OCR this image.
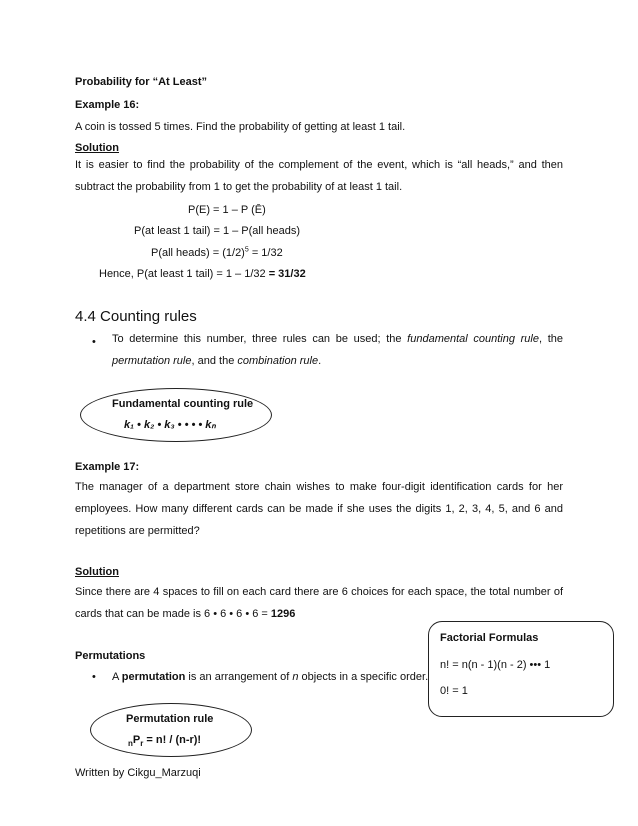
Probability for “At Least”
Example 16:
A coin is tossed 5 times. Find the probability of getting at least 1 tail.
Solution
It is easier to find the probability of the complement of the event, which is “all heads,” and then subtract the probability from 1 to get the probability of at least 1 tail.
P(E) = 1 – P (Ē)
P(at least 1 tail) = 1 – P(all heads)
P(all heads) = $(1/2)^5 = 1/32$
Hence, P(at least 1 tail) = 1 – 1/32 = 31/32
4.4 Counting rules
• To determine this number, three rules can be used; the fundamental counting rule, the permutation rule, and the combination rule.
Fundamental counting rule
k₁ • k₂ • k₃ • • • • kₙ
Example 17:
The manager of a department store chain wishes to make four-digit identification cards for her employees. How many different cards can be made if she uses the digits 1, 2, 3, 4, 5, and 6 and repetitions are permitted?
Solution
Since there are 4 spaces to fill on each card there are 6 choices for each space, the total number of cards that can be made is 6 • 6 • 6 • 6 = 1296
Permutations
• A permutation is an arrangement of n objects in a specific order.
Factorial Formulas
n! = n(n - 1)(n - 2) ••• 1
0! = 1
Permutation rule
$_nP_r = n$! / (n-r)!
Written by Cikgu_Marzuqi
